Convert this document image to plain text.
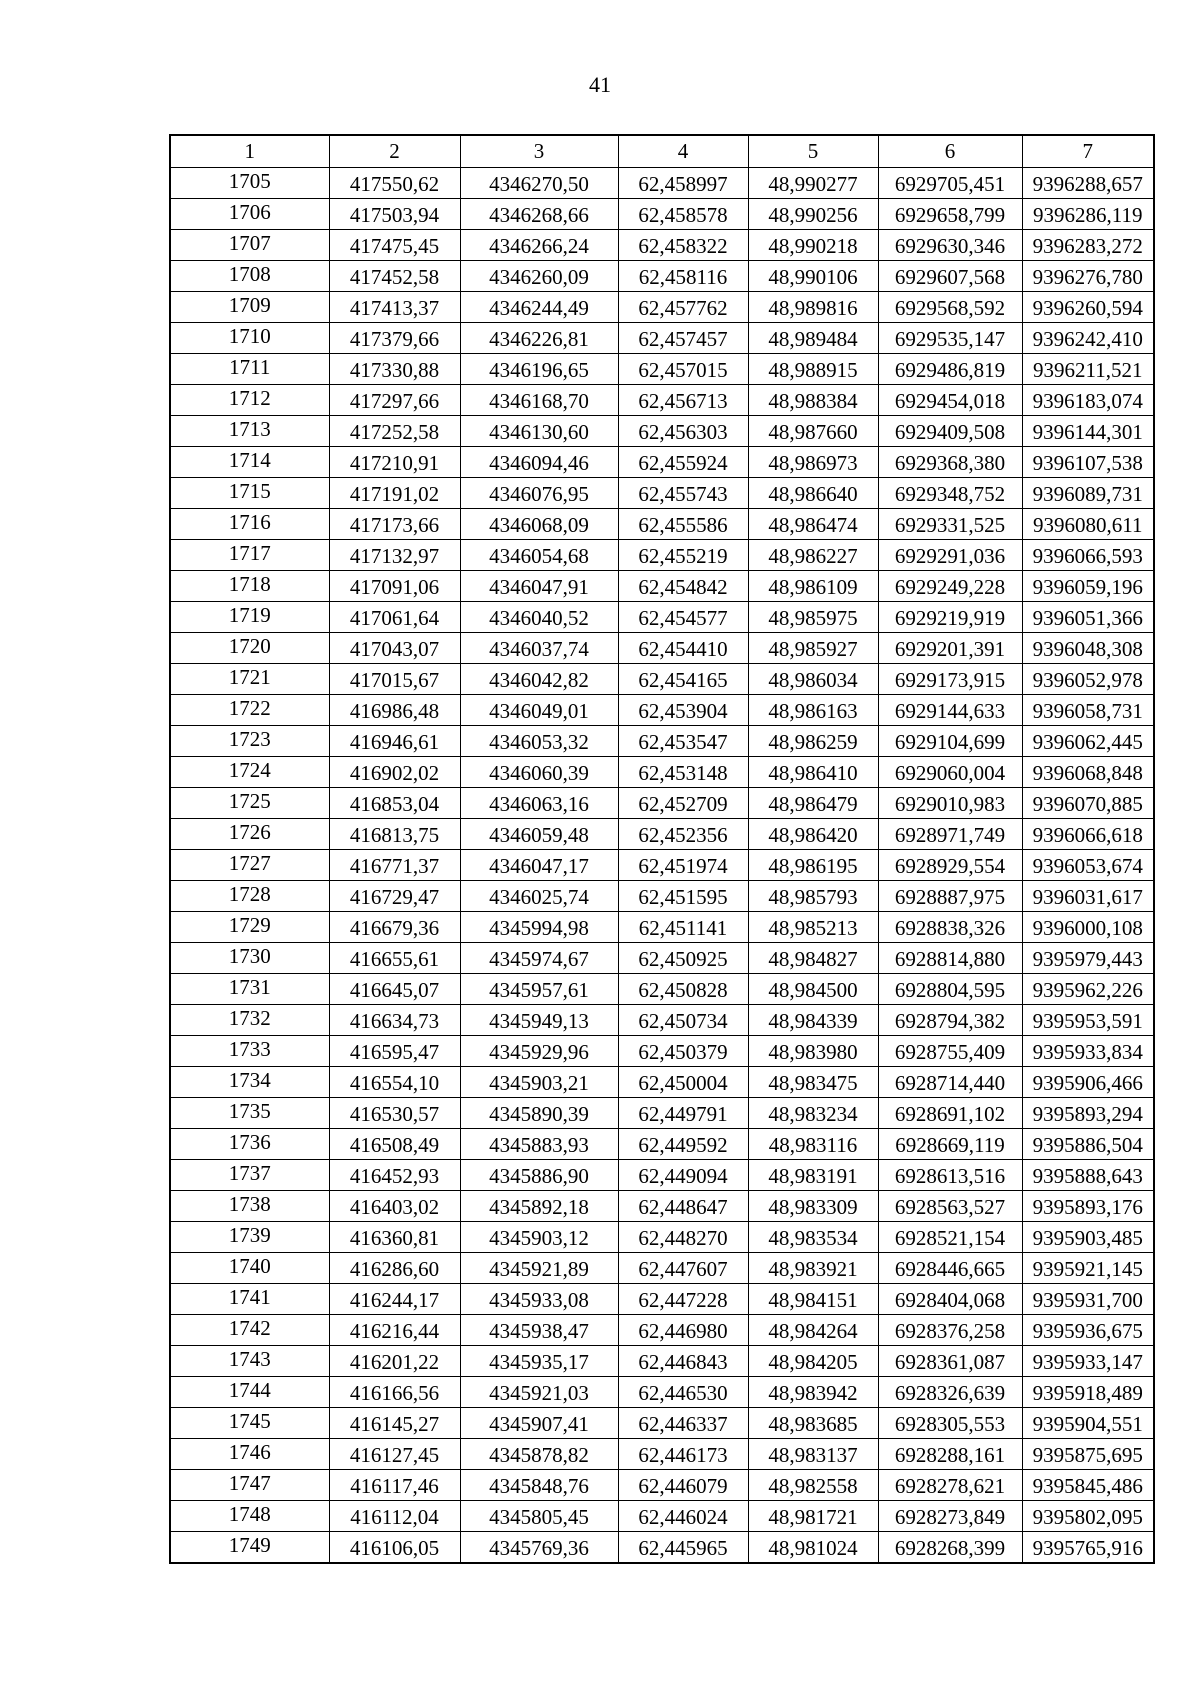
41
1	2	3	4	5	6	7
1705	417550,62	4346270,50	62,458997	48,990277	6929705,451	9396288,657
1706	417503,94	4346268,66	62,458578	48,990256	6929658,799	9396286,119
1707	417475,45	4346266,24	62,458322	48,990218	6929630,346	9396283,272
1708	417452,58	4346260,09	62,458116	48,990106	6929607,568	9396276,780
1709	417413,37	4346244,49	62,457762	48,989816	6929568,592	9396260,594
1710	417379,66	4346226,81	62,457457	48,989484	6929535,147	9396242,410
1711	417330,88	4346196,65	62,457015	48,988915	6929486,819	9396211,521
1712	417297,66	4346168,70	62,456713	48,988384	6929454,018	9396183,074
1713	417252,58	4346130,60	62,456303	48,987660	6929409,508	9396144,301
1714	417210,91	4346094,46	62,455924	48,986973	6929368,380	9396107,538
1715	417191,02	4346076,95	62,455743	48,986640	6929348,752	9396089,731
1716	417173,66	4346068,09	62,455586	48,986474	6929331,525	9396080,611
1717	417132,97	4346054,68	62,455219	48,986227	6929291,036	9396066,593
1718	417091,06	4346047,91	62,454842	48,986109	6929249,228	9396059,196
1719	417061,64	4346040,52	62,454577	48,985975	6929219,919	9396051,366
1720	417043,07	4346037,74	62,454410	48,985927	6929201,391	9396048,308
1721	417015,67	4346042,82	62,454165	48,986034	6929173,915	9396052,978
1722	416986,48	4346049,01	62,453904	48,986163	6929144,633	9396058,731
1723	416946,61	4346053,32	62,453547	48,986259	6929104,699	9396062,445
1724	416902,02	4346060,39	62,453148	48,986410	6929060,004	9396068,848
1725	416853,04	4346063,16	62,452709	48,986479	6929010,983	9396070,885
1726	416813,75	4346059,48	62,452356	48,986420	6928971,749	9396066,618
1727	416771,37	4346047,17	62,451974	48,986195	6928929,554	9396053,674
1728	416729,47	4346025,74	62,451595	48,985793	6928887,975	9396031,617
1729	416679,36	4345994,98	62,451141	48,985213	6928838,326	9396000,108
1730	416655,61	4345974,67	62,450925	48,984827	6928814,880	9395979,443
1731	416645,07	4345957,61	62,450828	48,984500	6928804,595	9395962,226
1732	416634,73	4345949,13	62,450734	48,984339	6928794,382	9395953,591
1733	416595,47	4345929,96	62,450379	48,983980	6928755,409	9395933,834
1734	416554,10	4345903,21	62,450004	48,983475	6928714,440	9395906,466
1735	416530,57	4345890,39	62,449791	48,983234	6928691,102	9395893,294
1736	416508,49	4345883,93	62,449592	48,983116	6928669,119	9395886,504
1737	416452,93	4345886,90	62,449094	48,983191	6928613,516	9395888,643
1738	416403,02	4345892,18	62,448647	48,983309	6928563,527	9395893,176
1739	416360,81	4345903,12	62,448270	48,983534	6928521,154	9395903,485
1740	416286,60	4345921,89	62,447607	48,983921	6928446,665	9395921,145
1741	416244,17	4345933,08	62,447228	48,984151	6928404,068	9395931,700
1742	416216,44	4345938,47	62,446980	48,984264	6928376,258	9395936,675
1743	416201,22	4345935,17	62,446843	48,984205	6928361,087	9395933,147
1744	416166,56	4345921,03	62,446530	48,983942	6928326,639	9395918,489
1745	416145,27	4345907,41	62,446337	48,983685	6928305,553	9395904,551
1746	416127,45	4345878,82	62,446173	48,983137	6928288,161	9395875,695
1747	416117,46	4345848,76	62,446079	48,982558	6928278,621	9395845,486
1748	416112,04	4345805,45	62,446024	48,981721	6928273,849	9395802,095
1749	416106,05	4345769,36	62,445965	48,981024	6928268,399	9395765,916
